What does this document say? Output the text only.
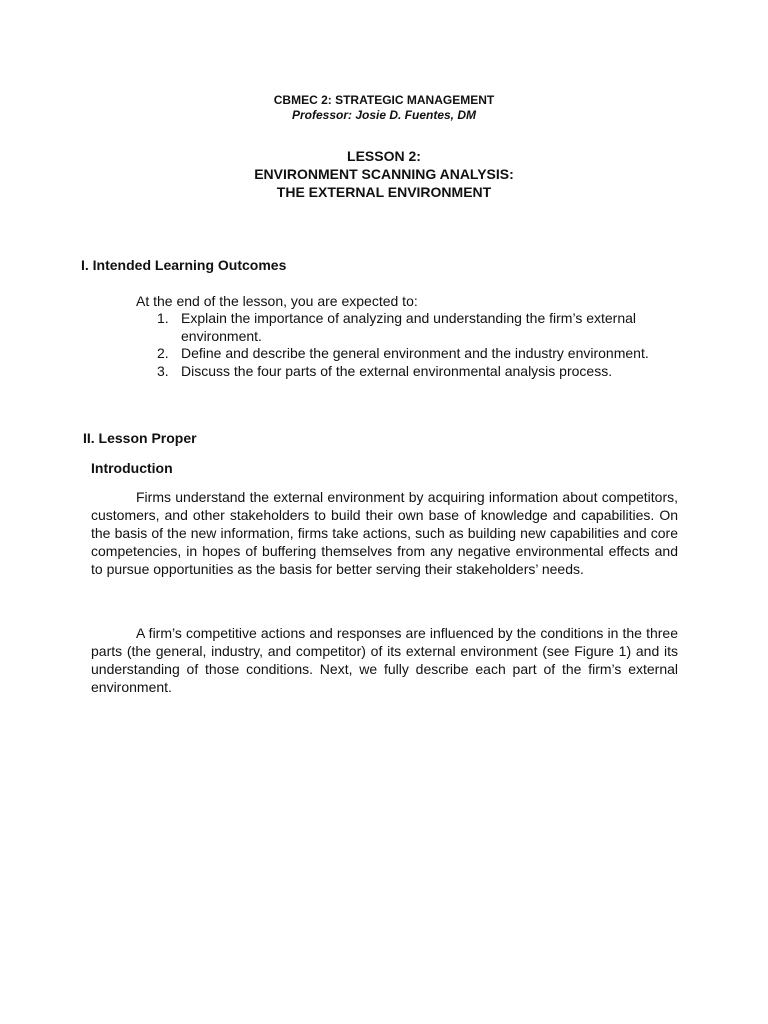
CBMEC 2: STRATEGIC MANAGEMENT
Professor: Josie D. Fuentes, DM
LESSON 2:
ENVIRONMENT SCANNING ANALYSIS:
THE EXTERNAL ENVIRONMENT
I. Intended Learning Outcomes
At the end of the lesson, you are expected to:
1. Explain the importance of analyzing and understanding the firm’s external environment.
2. Define and describe the general environment and the industry environment.
3. Discuss the four parts of the external environmental analysis process.
II. Lesson Proper
Introduction

Firms understand the external environment by acquiring information about competitors, customers, and other stakeholders to build their own base of knowledge and capabilities. On the basis of the new information, firms take actions, such as building new capabilities and core competencies, in hopes of buffering themselves from any negative environmental effects and to pursue opportunities as the basis for better serving their stakeholders’ needs.

A firm’s competitive actions and responses are influenced by the conditions in the three parts (the general, industry, and competitor) of its external environment (see Figure 1) and its understanding of those conditions. Next, we fully describe each part of the firm’s external environment.
